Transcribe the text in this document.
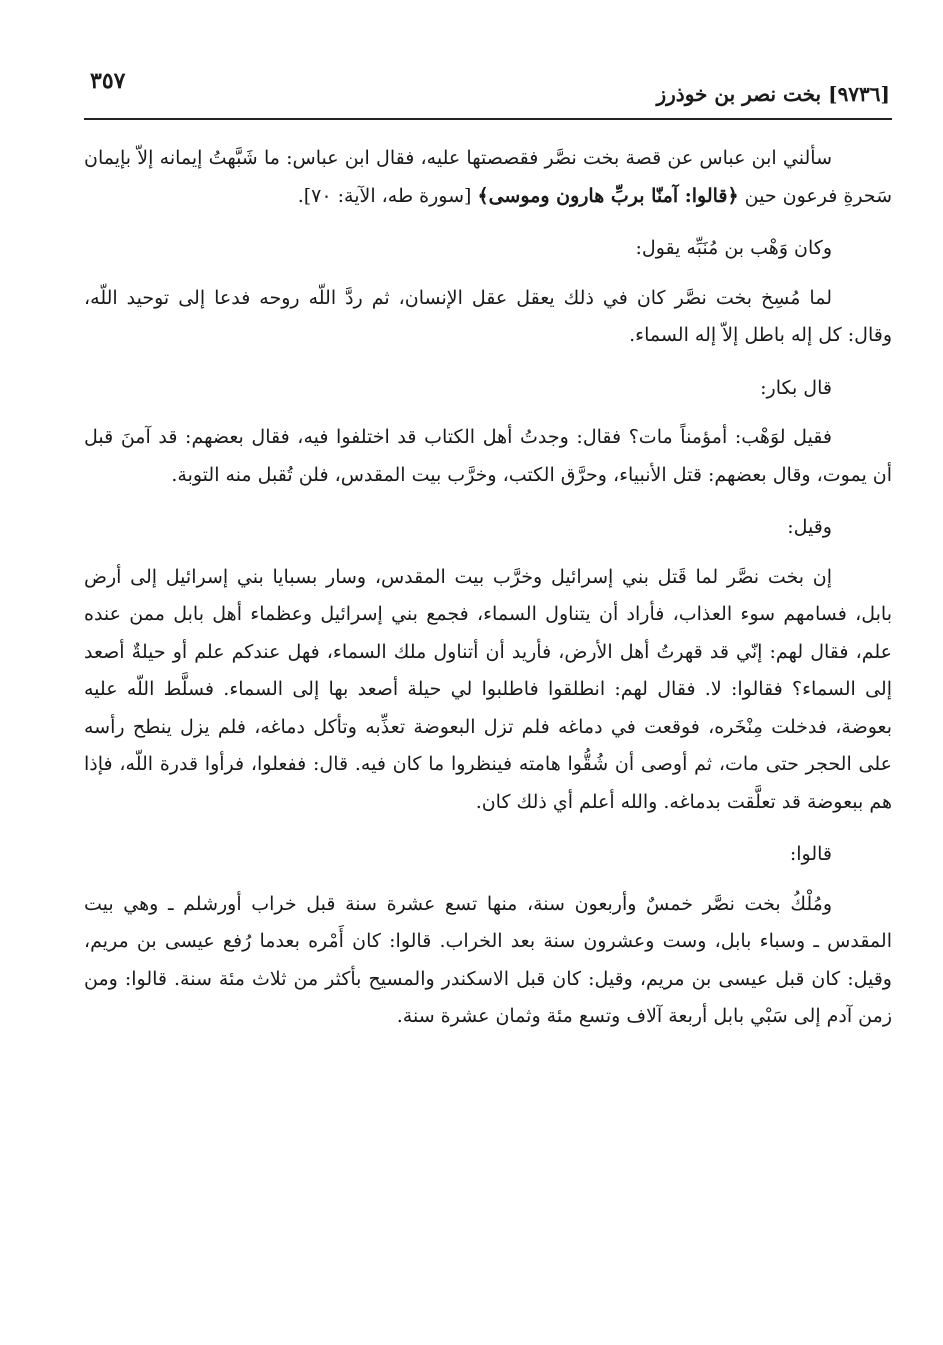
[٩٧٣٦] بخت نصر بن خوذرز
٣٥٧

سألني ابن عباس عن قصة بخت نصَّر فقصصتها عليه، فقال ابن عباس: ما شَبَّهتُ إيمانه إلاّ بإيمان سَحرةِ فرعون حين ﴿قالوا: آمنّا بربِّ هارون وموسى﴾ [سورة طه، الآية: ٧٠].

وكان وَهْب بن مُنَبِّه يقول:

لما مُسِخ بخت نصَّر كان في ذلك يعقل عقل الإنسان، ثم ردَّ اللّه روحه فدعا إلى توحيد اللّه، وقال: كل إله باطل إلاّ إله السماء.

قال بكار:

فقيل لوَهْب: أمؤمناً مات؟ فقال: وجدتُ أهل الكتاب قد اختلفوا فيه، فقال بعضهم: قد آمنَ قبل أن يموت، وقال بعضهم: قتل الأنبياء، وحرَّق الكتب، وخرَّب بيت المقدس، فلن تُقبل منه التوبة.

وقيل:

إن بخت نصَّر لما قَتل بني إسرائيل وخرَّب بيت المقدس، وسار بسبايا بني إسرائيل إلى أرض بابل، فسامهم سوء العذاب، فأراد أن يتناول السماء، فجمع بني إسرائيل وعظماء أهل بابل ممن عنده علم، فقال لهم: إنّي قد قهرتُ أهل الأرض، فأريد أن أتناول ملك السماء، فهل عندكم علم أو حيلةٌ أصعد إلى السماء؟ فقالوا: لا. فقال لهم: انطلقوا فاطلبوا لي حيلة أصعد بها إلى السماء. فسلَّط اللّه عليه بعوضة، فدخلت مِنْخَره، فوقعت في دماغه فلم تزل البعوضة تعذِّبه وتأكل دماغه، فلم يزل ينطح رأسه على الحجر حتى مات، ثم أوصى أن شُقُّوا هامته فينظروا ما كان فيه. قال: ففعلوا، فرأوا قدرة اللّه، فإذا هم ببعوضة قد تعلَّقت بدماغه. والله أعلم أي ذلك كان.

قالوا:

ومُلْكُ بخت نصَّر خمسٌ وأربعون سنة، منها تسع عشرة سنة قبل خراب أورشلم ـ وهي بيت المقدس ـ وسباء بابل، وست وعشرون سنة بعد الخراب. قالوا: كان أَمْره بعدما رُفع عيسى بن مريم، وقيل: كان قبل عيسى بن مريم، وقيل: كان قبل الاسكندر والمسيح بأكثر من ثلاث مئة سنة. قالوا: ومن زمن آدم إلى سَبْي بابل أربعة آلاف وتسع مئة وثمان عشرة سنة.
